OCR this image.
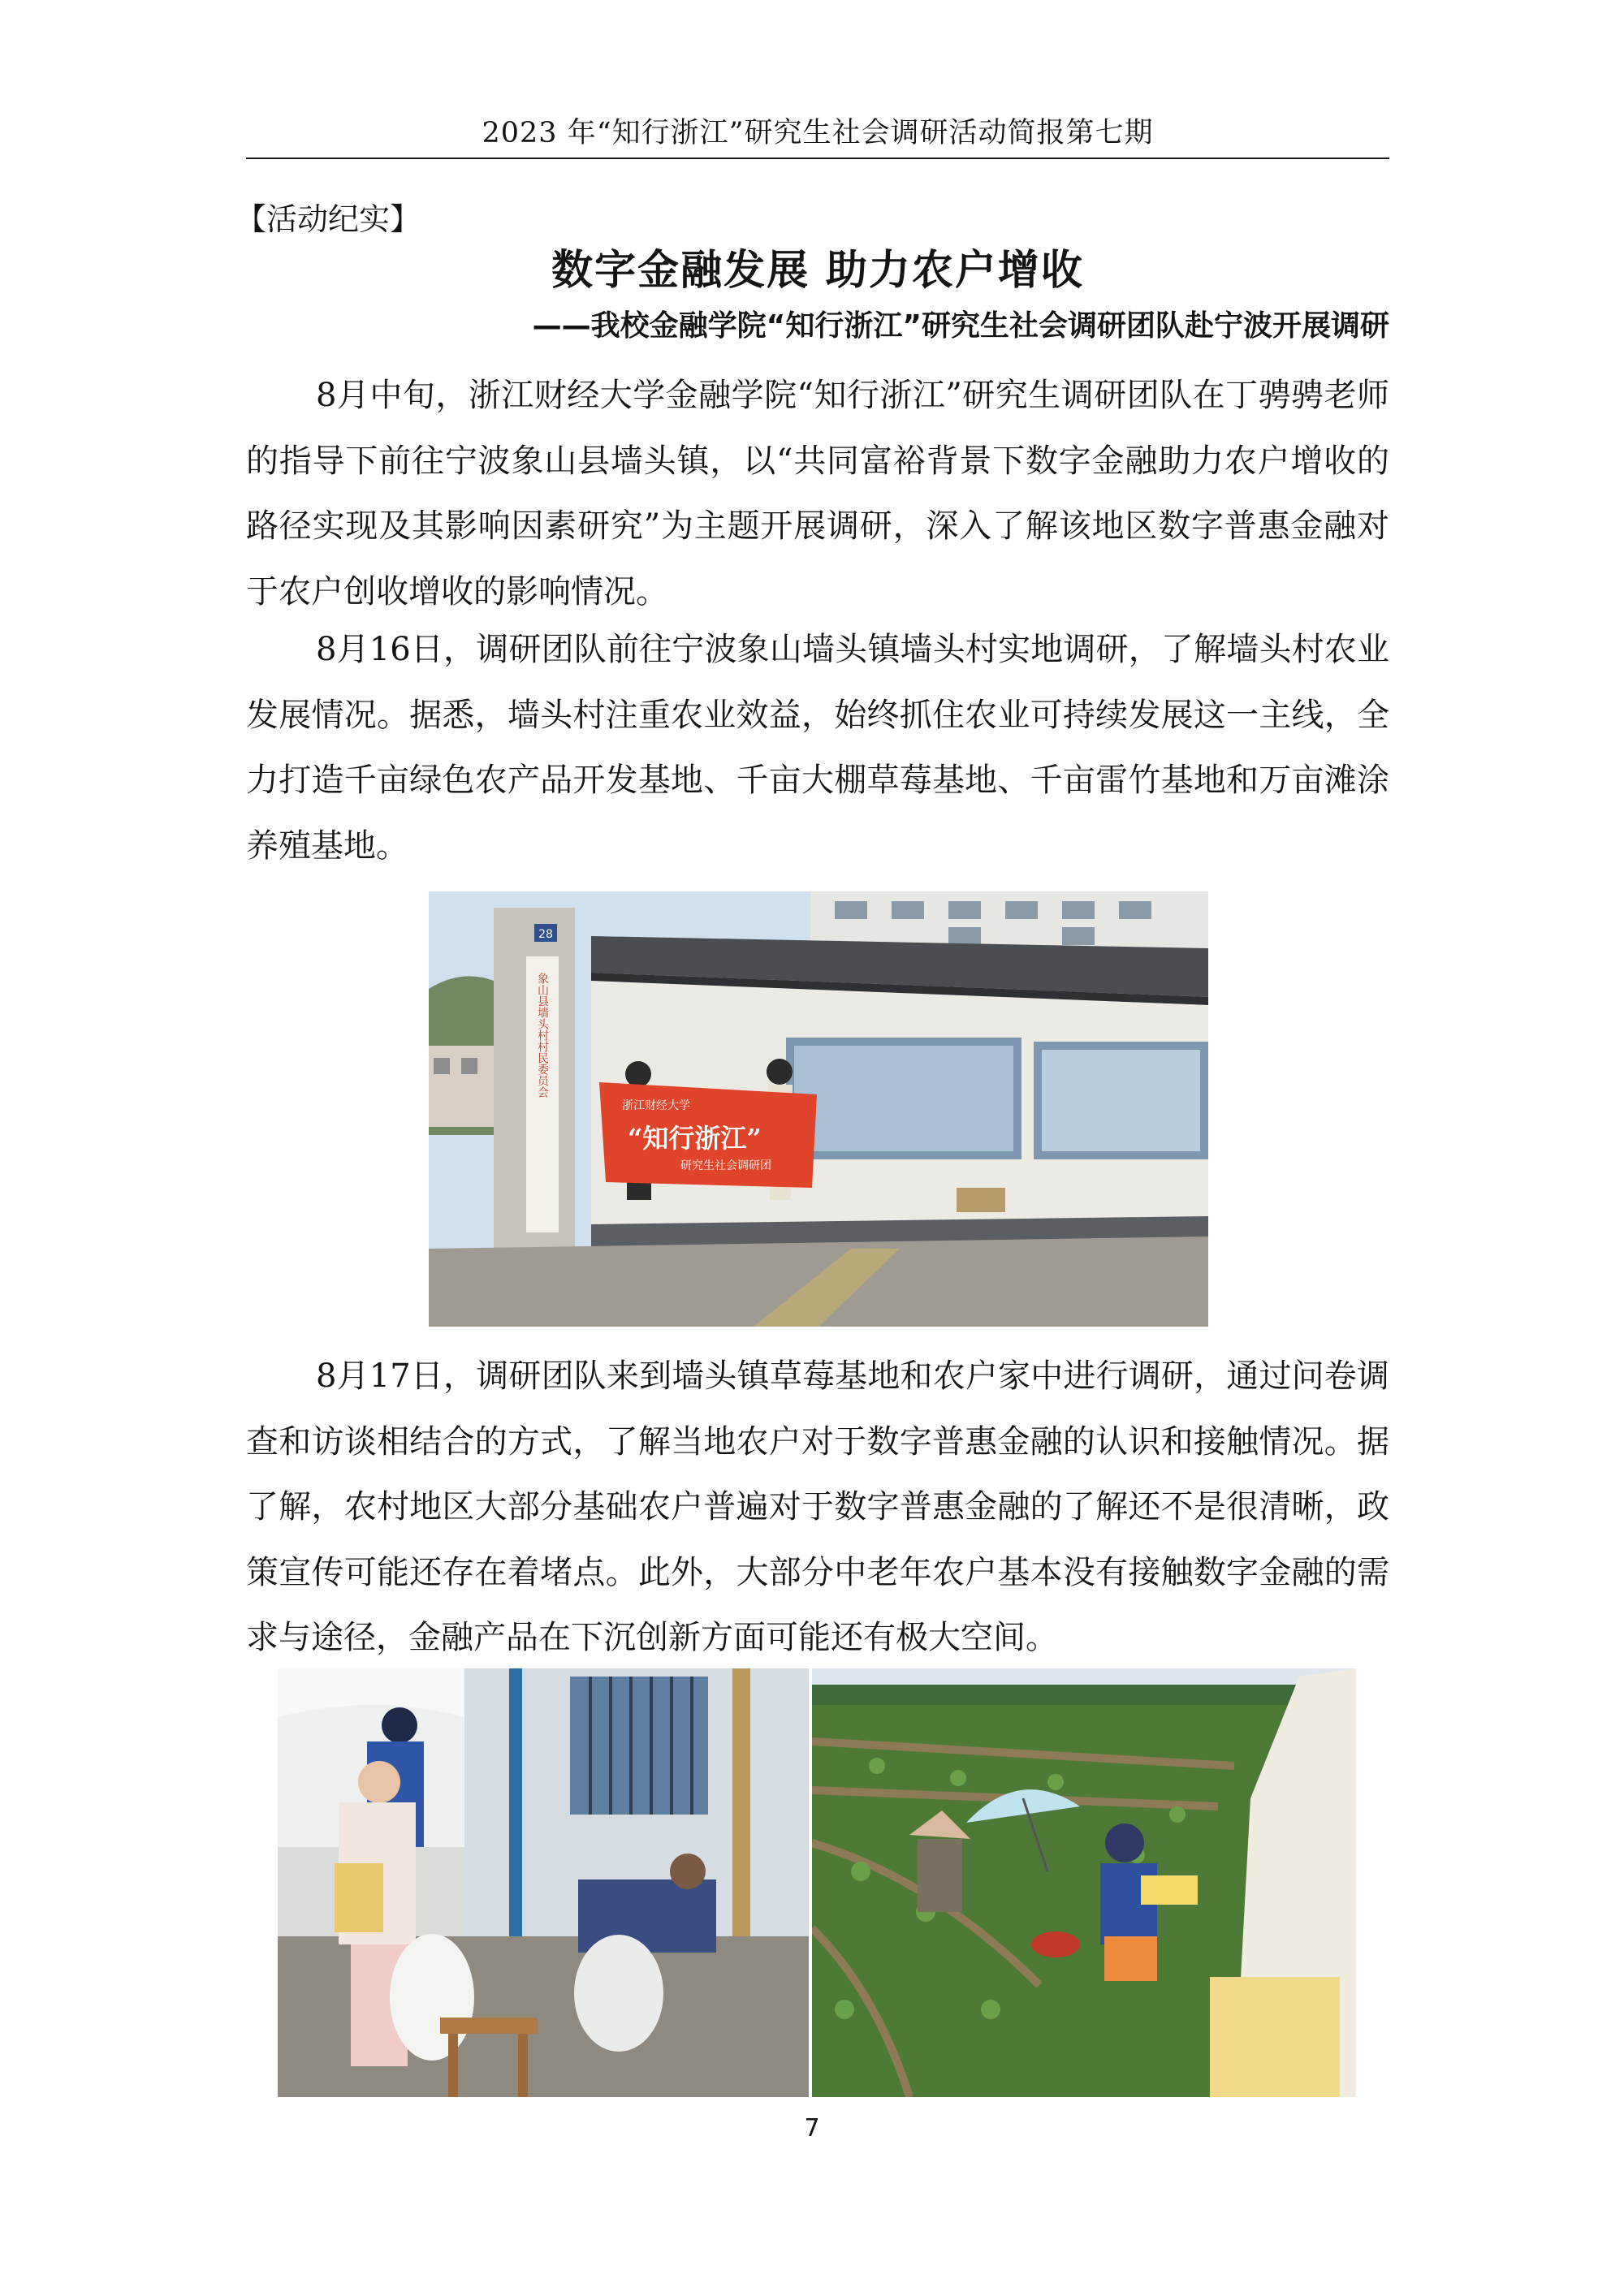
2023 年“知行浙江”研究生社会调研活动简报第七期
【活动纪实】
数字金融发展 助力农户增收
——我校金融学院“知行浙江”研究生社会调研团队赴宁波开展调研

8月中旬，浙江财经大学金融学院“知行浙江”研究生调研团队在丁骋骋老师的指导下前往宁波象山县墙头镇，以“共同富裕背景下数字金融助力农户增收的路径实现及其影响因素研究”为主题开展调研，深入了解该地区数字普惠金融对于农户创收增收的影响情况。

8月16日，调研团队前往宁波象山墙头镇墙头村实地调研，了解墙头村农业发展情况。据悉，墙头村注重农业效益，始终抓住农业可持续发展这一主线，全力打造千亩绿色农产品开发基地、千亩大棚草莓基地、千亩雷竹基地和万亩滩涂养殖基地。

28
象山县墙头村村民委员会
浙江财经大学
“知行浙江”
研究生社会调研团

8月17日，调研团队来到墙头镇草莓基地和农户家中进行调研，通过问卷调查和访谈相结合的方式，了解当地农户对于数字普惠金融的认识和接触情况。据了解，农村地区大部分基础农户普遍对于数字普惠金融的了解还不是很清晰，政策宣传可能还存在着堵点。此外，大部分中老年农户基本没有接触数字金融的需求与途径，金融产品在下沉创新方面可能还有极大空间。

7
